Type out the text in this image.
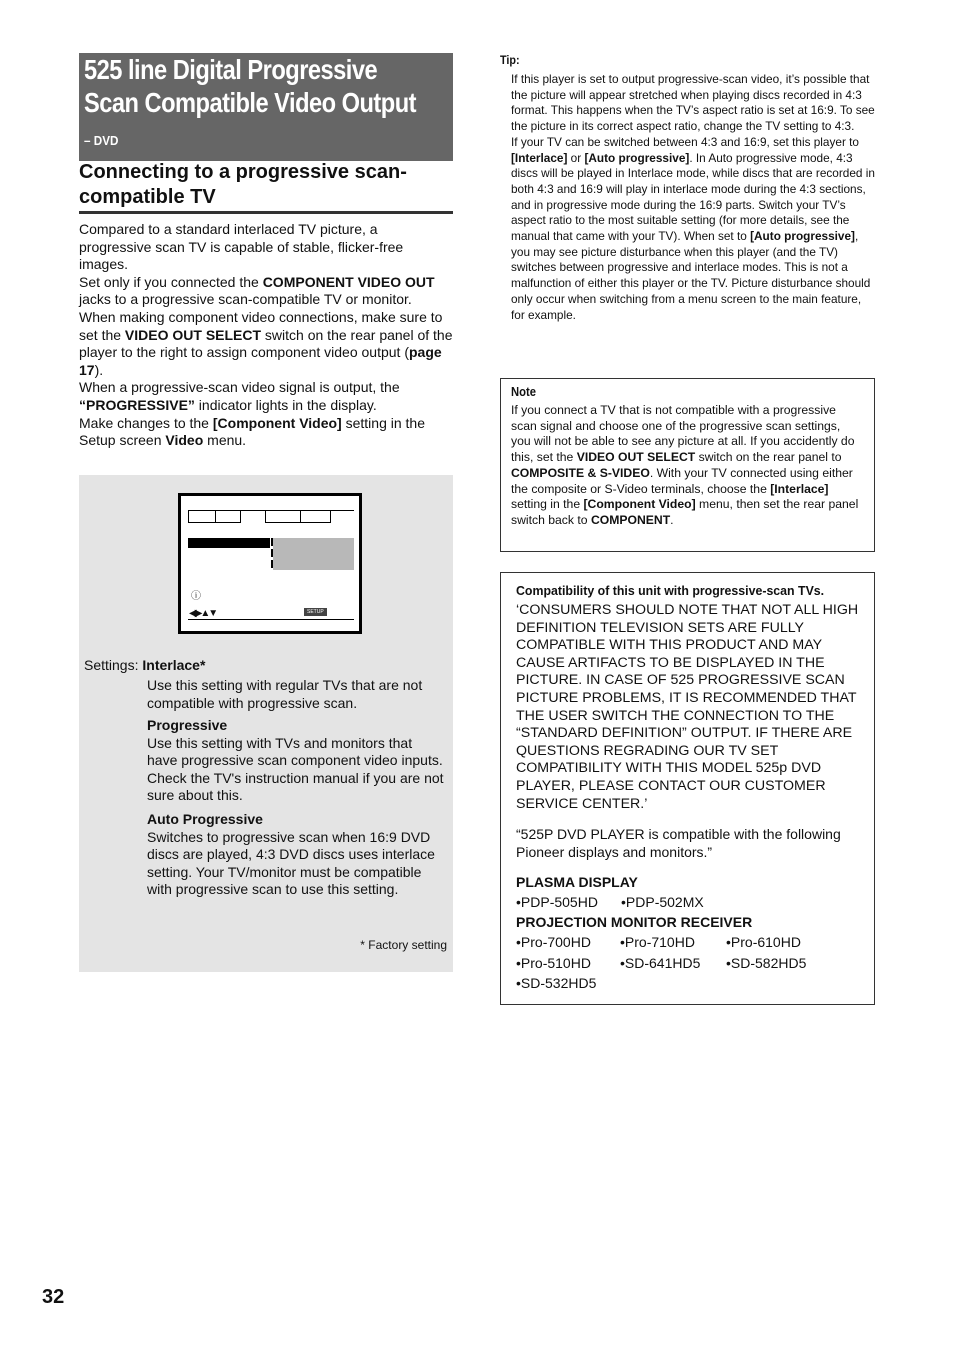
525 line Digital Progressive
Scan Compatible Video Output
– DVD
Connecting to a progressive scan-compatible TV

Compared to a standard interlaced TV picture, a progressive scan TV is capable of stable, flicker-free images.

Set only if you connected the COMPONENT VIDEO OUT jacks to a progressive scan-compatible TV or monitor.

When making component video connections, make sure to set the VIDEO OUT SELECT switch on the rear panel of the player to the right to assign component video output (page 17).

When a progressive-scan video signal is output, the “PROGRESSIVE” indicator lights in the display.

Make changes to the [Component Video] setting in the Setup screen Video menu.

ⓘ
◀▶▲▼	SETUP
* Factory setting
Settings: Interlace*
Use this setting with regular TVs that are not compatible with progressive scan.
Progressive
Use this setting with TVs and monitors that have progressive scan component video inputs. Check the TV's instruction manual if you are not sure about this.
Auto Progressive
Switches to progressive scan when 16:9 DVD discs are played, 4:3 DVD discs uses interlace setting. Your TV/monitor must be compatible with progressive scan to use this setting.
Tip:

If this player is set to output progressive-scan video, it’s possible that the picture will appear stretched when playing discs recorded in 4:3 format. This happens when the TV’s aspect ratio is set at 16:9. To see the picture in its correct aspect ratio, change the TV setting to 4:3.

If your TV can be switched between 4:3 and 16:9, set this player to [Interlace] or [Auto progressive]. In Auto progressive mode, 4:3 discs will be played in Interlace mode, while discs that are recorded in both 4:3 and 16:9 will play in interlace mode during the 4:3 sections, and in progressive mode during the 16:9 parts. Switch your TV’s aspect ratio to the most suitable setting (for more details, see the manual that came with your TV). When set to [Auto progressive], you may see picture disturbance when this player (and the TV) switches between progressive and interlace modes. This is not a malfunction of either this player or the TV. Picture disturbance should only occur when switching from a menu screen to the main feature, for example.

Note
If you connect a TV that is not compatible with a progressive scan signal and choose one of the progressive scan settings, you will not be able to see any picture at all. If you accidently do this, set the VIDEO OUT SELECT switch on the rear panel to COMPOSITE & S-VIDEO. With your TV connected using either the composite or S-Video terminals, choose the [Interlace] setting in the [Component Video] menu, then set the rear panel switch back to COMPONENT.
Compatibility of this unit with progressive-scan TVs.
‘CONSUMERS SHOULD NOTE THAT NOT ALL HIGH DEFINITION TELEVISION SETS ARE FULLY COMPATIBLE WITH THIS PRODUCT AND MAY CAUSE ARTIFACTS TO BE DISPLAYED IN THE PICTURE. IN CASE OF 525 PROGRESSIVE SCAN PICTURE PROBLEMS, IT IS RECOMMENDED THAT THE USER SWITCH THE CONNECTION TO THE “STANDARD DEFINITION” OUTPUT. IF THERE ARE QUESTIONS REGRADING OUR TV SET COMPATIBILITY WITH THIS MODEL 525p DVD PLAYER, PLEASE CONTACT OUR CUSTOMER SERVICE CENTER.’
“525P DVD PLAYER is compatible with the following Pioneer displays and monitors.”
PLASMA DISPLAY
•PDP-505HD •PDP-502MX
PROJECTION MONITOR RECEIVER
•Pro-700HD •Pro-710HD •Pro-610HD
•Pro-510HD •SD-641HD5 •SD-582HD5
•SD-532HD5
32
